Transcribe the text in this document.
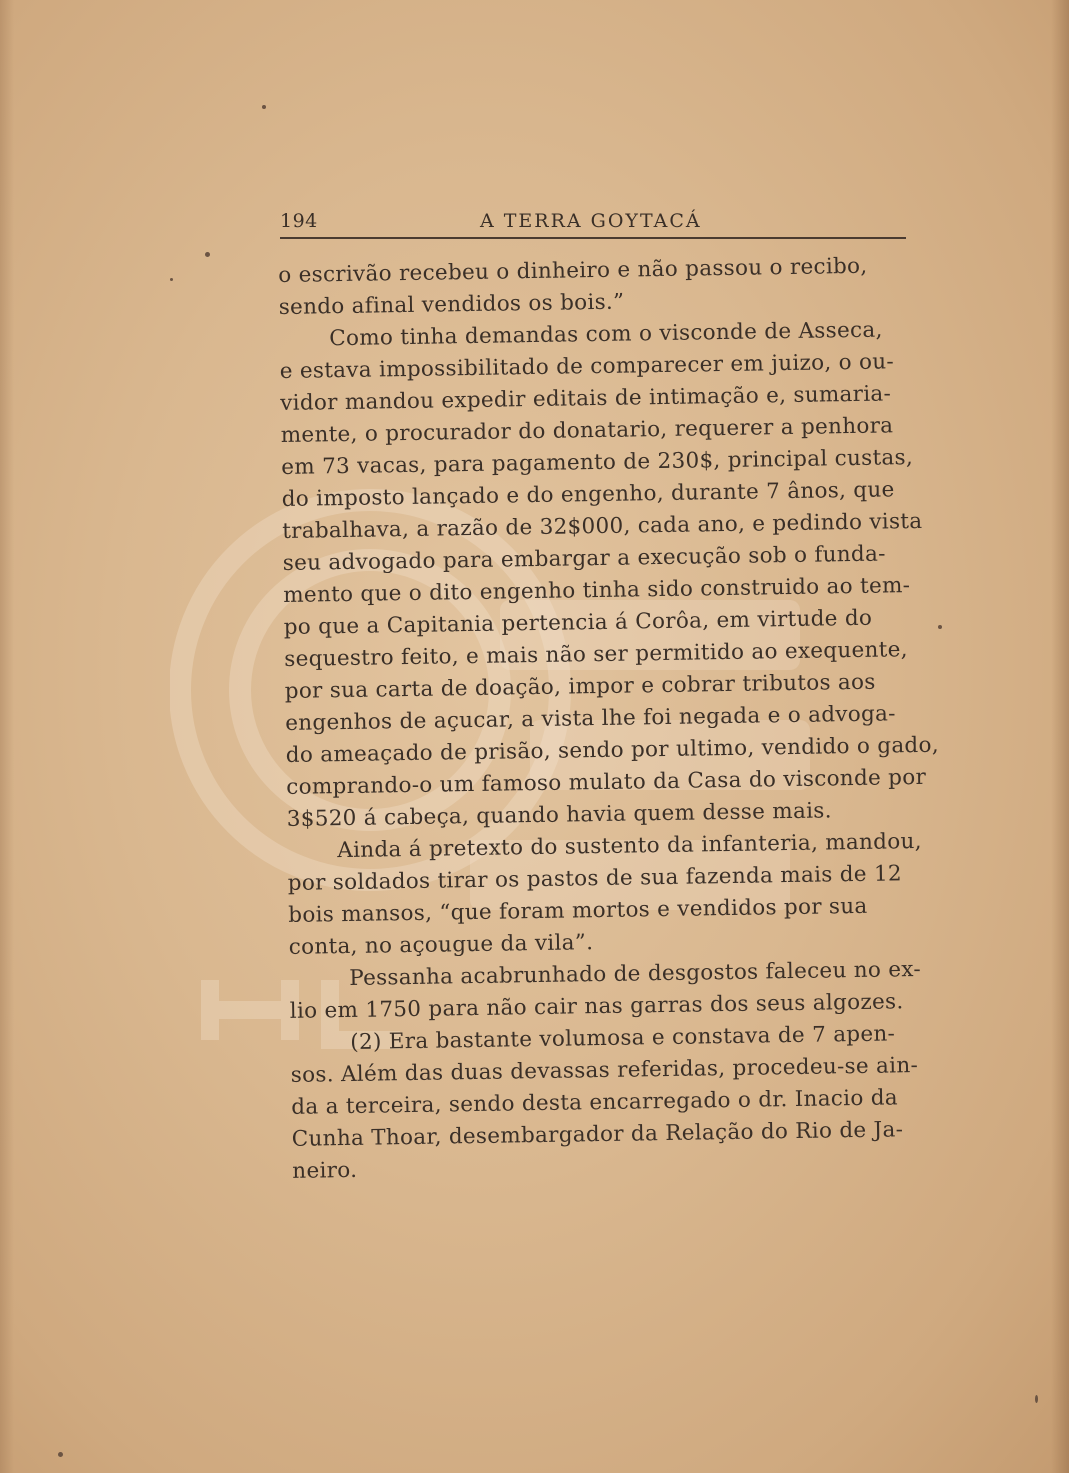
194	A TERRA GOYTACÁ
o escrivão recebeu o dinheiro e não passou o recibo,
sendo afinal vendidos os bois.”
Como tinha demandas com o visconde de Asseca,
e estava impossibilitado de comparecer em juizo, o ou-
vidor mandou expedir editais de intimação e, sumaria-
mente, o procurador do donatario, requerer a penhora
em 73 vacas, para pagamento de 230$, principal custas,
do imposto lançado e do engenho, durante 7 ânos, que
trabalhava, a razão de 32$000, cada ano, e pedindo vista
seu advogado para embargar a execução sob o funda-
mento que o dito engenho tinha sido construido ao tem-
po que a Capitania pertencia á Corôa, em virtude do
sequestro feito, e mais não ser permitido ao exequente,
por sua carta de doação, impor e cobrar tributos aos
engenhos de açucar, a vista lhe foi negada e o advoga-
do ameaçado de prisão, sendo por ultimo, vendido o gado,
comprando-o um famoso mulato da Casa do visconde por
3$520 á cabeça, quando havia quem desse mais.
Ainda á pretexto do sustento da infanteria, mandou,
por soldados tirar os pastos de sua fazenda mais de 12
bois mansos, “que foram mortos e vendidos por sua
conta, no açougue da vila”.
Pessanha acabrunhado de desgostos faleceu no ex-
lio em 1750 para não cair nas garras dos seus algozes.
(2) Era bastante volumosa e constava de 7 apen-
sos. Além das duas devassas referidas, procedeu-se ain-
da a terceira, sendo desta encarregado o dr. Inacio da
Cunha Thoar, desembargador da Relação do Rio de Ja-
neiro.
